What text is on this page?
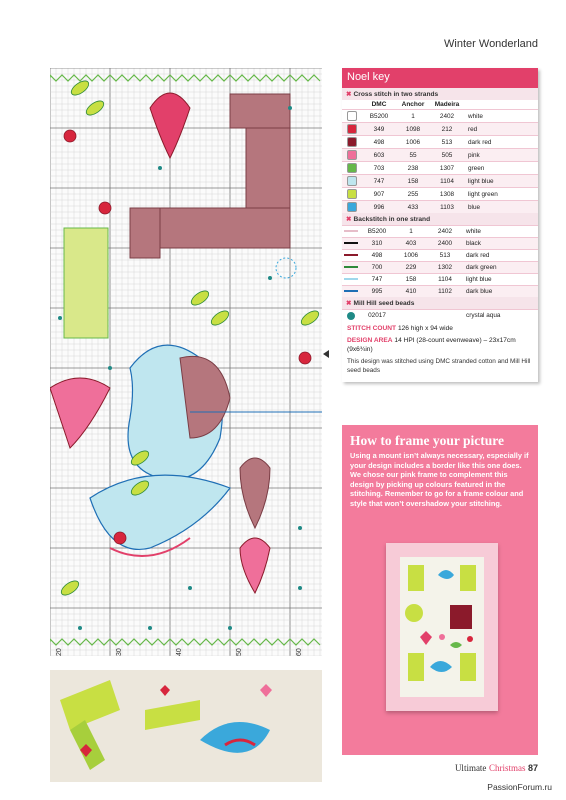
Winter Wonderland
20	30	40	50	60
Noel key
✖ Cross stitch in two strands
	DMC	Anchor	Madeira	
	B5200	1	2402	white
	349	1098	212	red
	498	1006	513	dark red
	603	55	505	pink
	703	238	1307	green
	747	158	1104	light blue
	907	255	1308	light green
	996	433	1103	blue
✖ Backstitch in one strand
	B5200	1	2402	white
	310	403	2400	black
	498	1006	513	dark red
	700	229	1302	dark green
	747	158	1104	light blue
	995	410	1102	dark blue
✖ Mill Hill seed beads
	02017			crystal aqua
STITCH COUNT 126 high x 94 wide
DESIGN AREA 14 HPI (28-count evenweave) – 23x17cm (9x6¾in)
This design was stitched using DMC stranded cotton and Mill Hill seed beads
How to frame your picture
Using a mount isn’t always necessary, especially if your design includes a border like this one does. We chose our pink frame to complement this design by picking up colours featured in the stitching. Remember to go for a frame colour and style that won’t overshadow your stitching.
Ultimate Christmas 87
PassionForum.ru
